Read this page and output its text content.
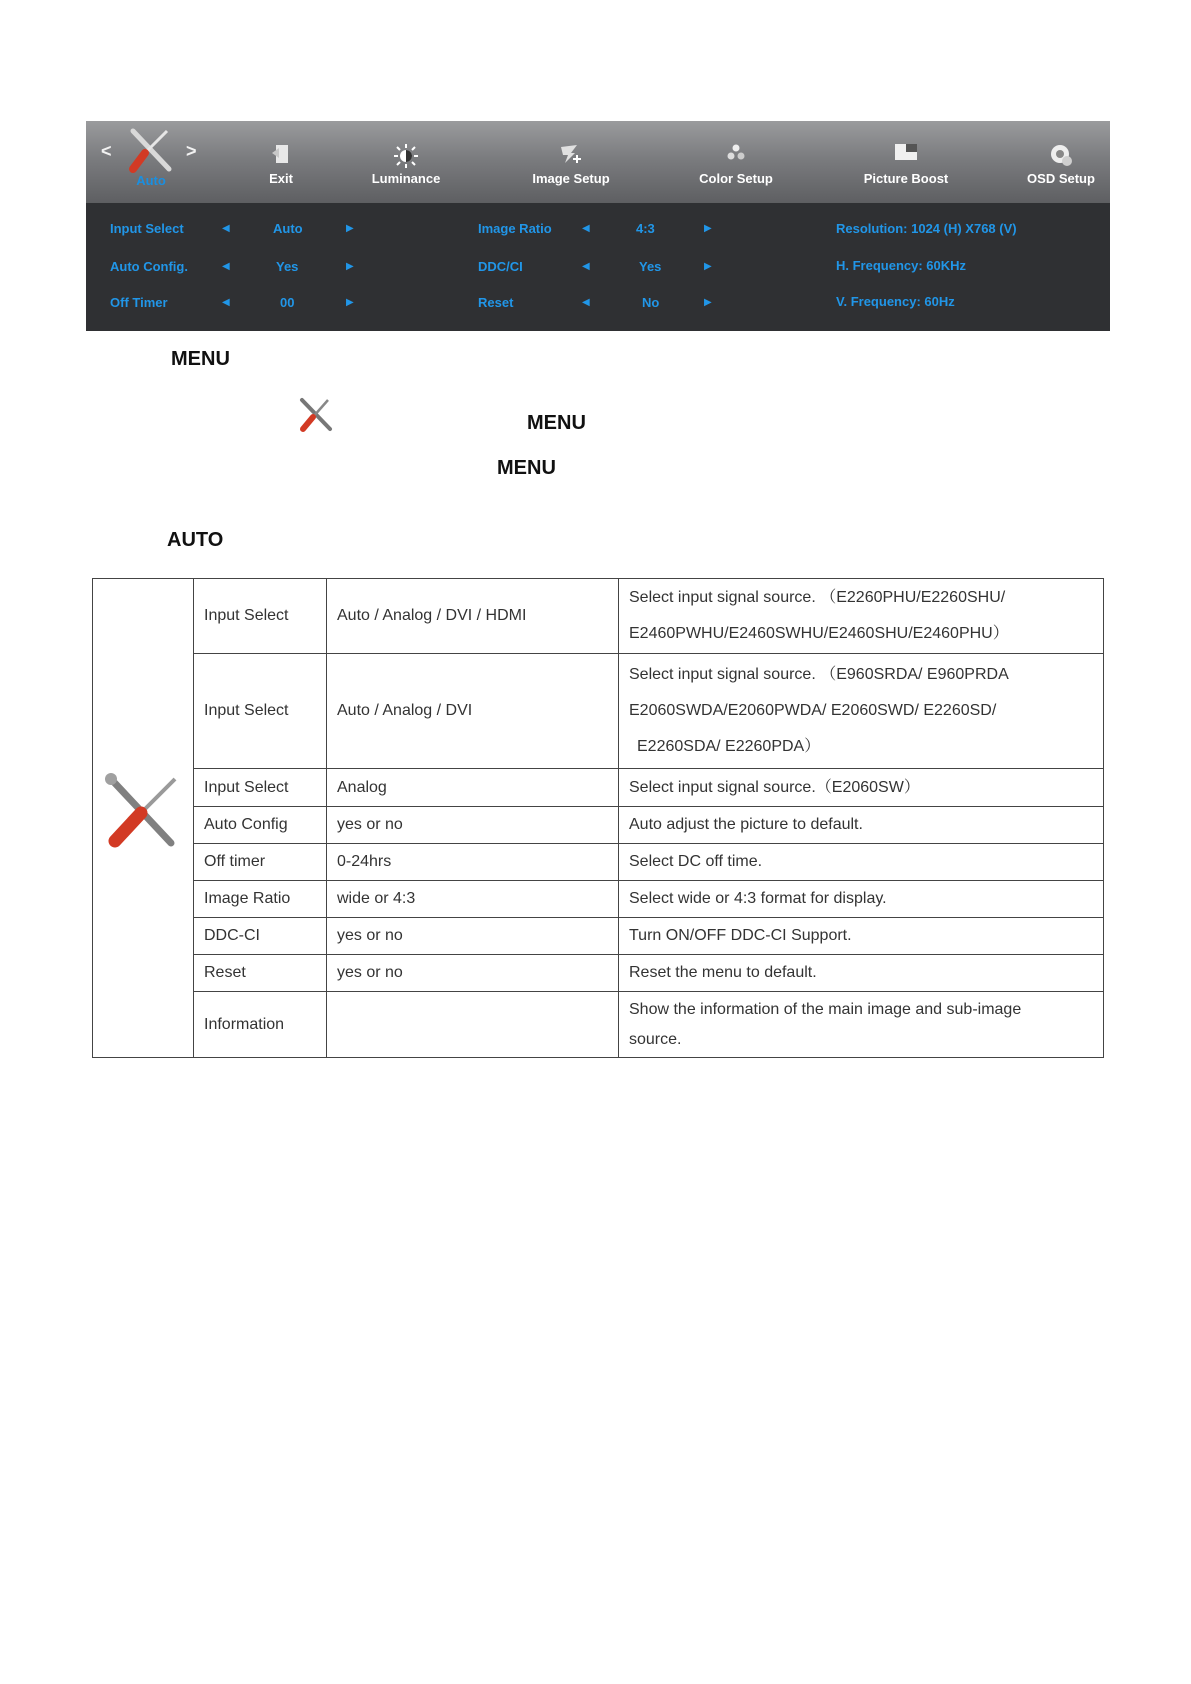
<	>
Auto	Exit	Luminance	Image Setup	Color Setup	Picture Boost	OSD Setup
Input Select	◀	Auto	▶
Auto Config.	◀	Yes	▶
Off Timer	◀	00	▶
Image Ratio	◀	4:3	▶
DDC/CI	◀	Yes	▶
Reset	◀	No	▶
Resolution: 1024 (H) X768 (V)
H. Frequency: 60KHz
V. Frequency: 60Hz
MENU
MENU
MENU
AUTO
	Input Select	Auto / Analog / DVI / HDMI	Select input signal source. （E2260PHU/E2260SHU/
E2460PWHU/E2460SWHU/E2460SHU/E2460PHU）

	Input Select	Auto / Analog / DVI	Select input signal source. （E960SRDA/ E960PRDA
E2060SWDA/E2060PWDA/ E2060SWD/ E2260SD/
E2260SDA/ E2260PDA）

	Input Select	Analog	Select input signal source.（E2060SW）
	Auto Config	yes or no	Auto adjust the picture to default.
	Off timer	0-24hrs	Select DC off time.
	Image Ratio	wide or 4:3	Select wide or 4:3 format for display.
	DDC-CI	yes or no	Turn ON/OFF DDC-CI Support.
	Reset	yes or no	Reset the menu to default.
	Information		Show the information of the main image and sub-image
source.
